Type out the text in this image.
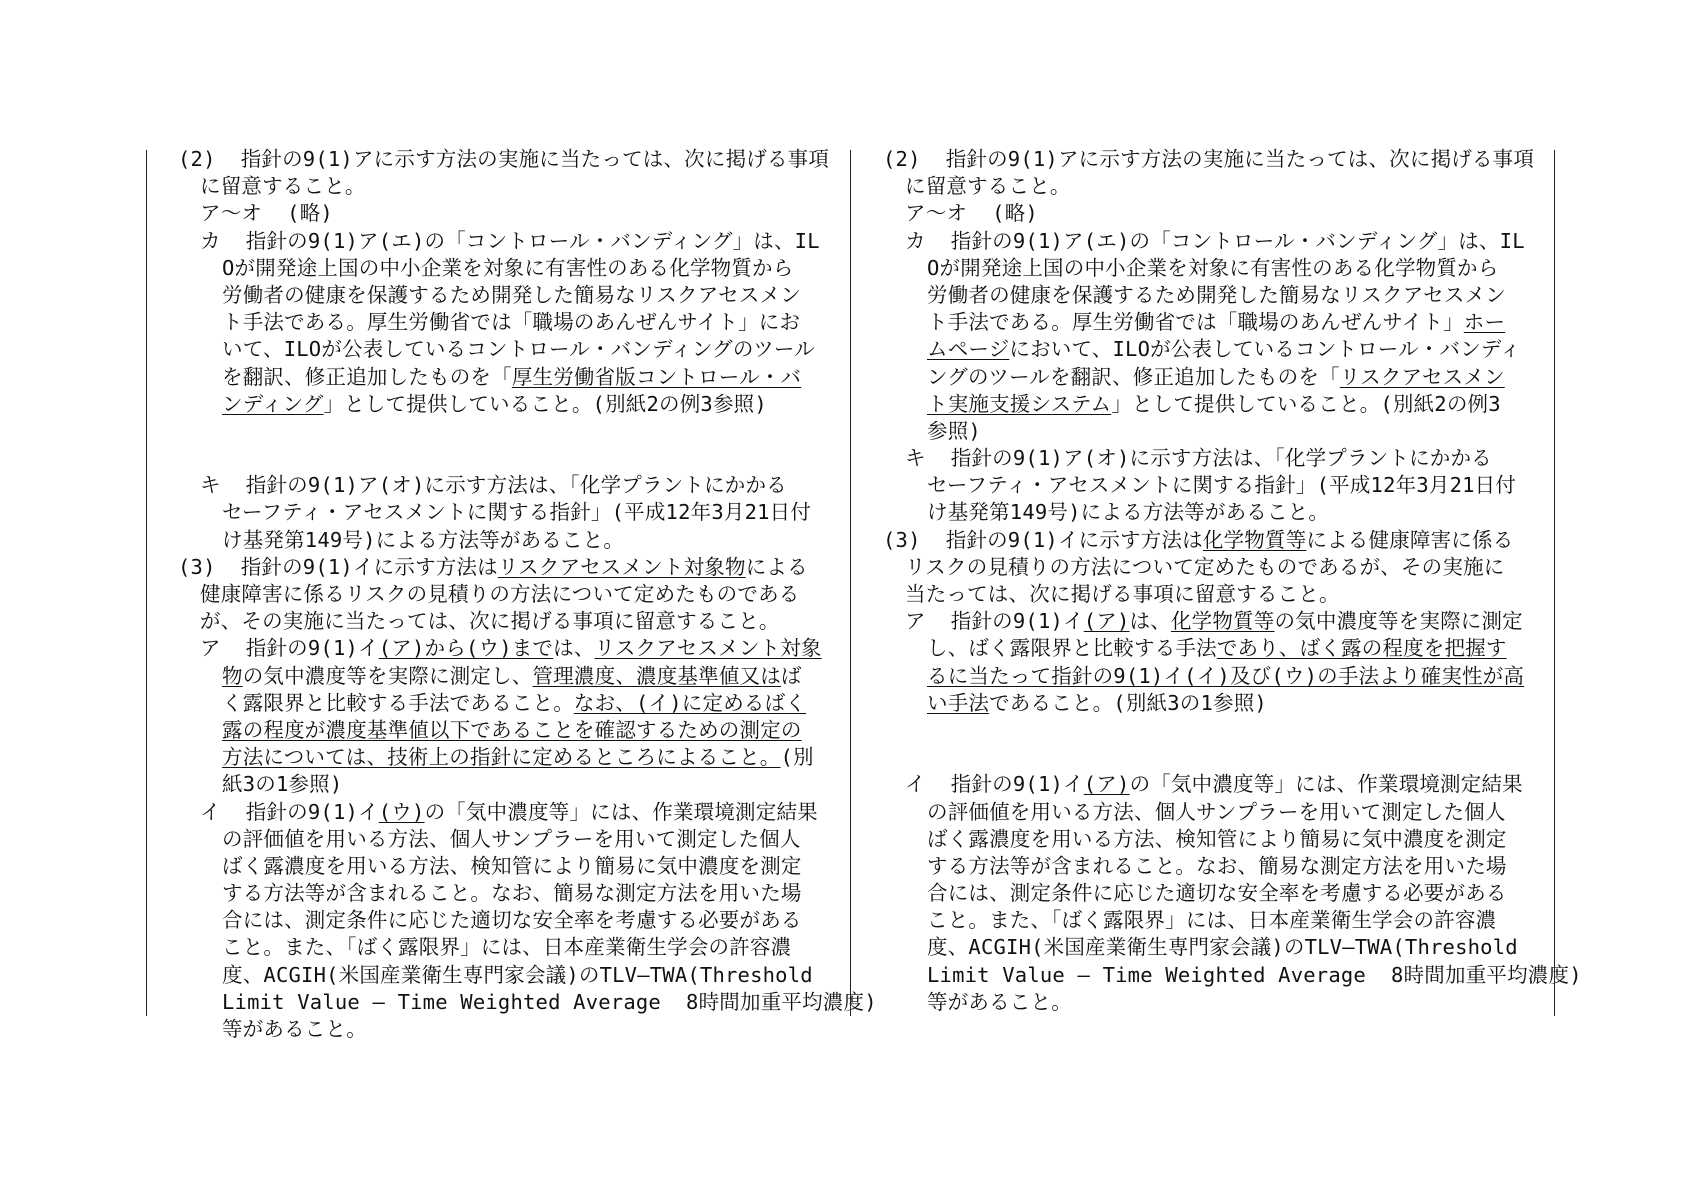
(2)  指針の9(1)アに示す方法の実施に当たっては、次に掲げる事項
に留意すること。
ア～オ  (略)
カ  指針の9(1)ア(エ)の「コントロール・バンディング」は、IL
Oが開発途上国の中小企業を対象に有害性のある化学物質から
労働者の健康を保護するため開発した簡易なリスクアセスメン
ト手法である。厚生労働省では「職場のあんぜんサイト」にお
いて、ILOが公表しているコントロール・バンディングのツール
を翻訳、修正追加したものを「厚生労働省版コントロール・バ
ンディング」として提供していること。(別紙2の例3参照)
キ  指針の9(1)ア(オ)に示す方法は、「化学プラントにかかる
セーフティ・アセスメントに関する指針」(平成12年3月21日付
け基発第149号)による方法等があること。
(3)  指針の9(1)イに示す方法はリスクアセスメント対象物による
健康障害に係るリスクの見積りの方法について定めたものである
が、その実施に当たっては、次に掲げる事項に留意すること。
ア  指針の9(1)イ(ア)から(ウ)までは、リスクアセスメント対象
物の気中濃度等を実際に測定し、管理濃度、濃度基準値又はば
く露限界と比較する手法であること。なお、(イ)に定めるばく
露の程度が濃度基準値以下であることを確認するための測定の
方法については、技術上の指針に定めるところによること。(別
紙3の1参照)
イ  指針の9(1)イ(ウ)の「気中濃度等」には、作業環境測定結果
の評価値を用いる方法、個人サンプラーを用いて測定した個人
ばく露濃度を用いる方法、検知管により簡易に気中濃度を測定
する方法等が含まれること。なお、簡易な測定方法を用いた場
合には、測定条件に応じた適切な安全率を考慮する必要がある
こと。また、「ばく露限界」には、日本産業衛生学会の許容濃
度、ACGIH(米国産業衛生専門家会議)のTLV―TWA(Threshold
Limit Value ― Time Weighted Average  8時間加重平均濃度)
等があること。
(2)  指針の9(1)アに示す方法の実施に当たっては、次に掲げる事項
に留意すること。
ア～オ  (略)
カ  指針の9(1)ア(エ)の「コントロール・バンディング」は、IL
Oが開発途上国の中小企業を対象に有害性のある化学物質から
労働者の健康を保護するため開発した簡易なリスクアセスメン
ト手法である。厚生労働省では「職場のあんぜんサイト」ホー
ムページにおいて、ILOが公表しているコントロール・バンディ
ングのツールを翻訳、修正追加したものを「リスクアセスメン
ト実施支援システム」として提供していること。(別紙2の例3
参照)
キ  指針の9(1)ア(オ)に示す方法は、「化学プラントにかかる
セーフティ・アセスメントに関する指針」(平成12年3月21日付
け基発第149号)による方法等があること。
(3)  指針の9(1)イに示す方法は化学物質等による健康障害に係る
リスクの見積りの方法について定めたものであるが、その実施に
当たっては、次に掲げる事項に留意すること。
ア  指針の9(1)イ(ア)は、化学物質等の気中濃度等を実際に測定
し、ばく露限界と比較する手法であり、ばく露の程度を把握す
るに当たって指針の9(1)イ(イ)及び(ウ)の手法より確実性が高
い手法であること。(別紙3の1参照)
イ  指針の9(1)イ(ア)の「気中濃度等」には、作業環境測定結果
の評価値を用いる方法、個人サンプラーを用いて測定した個人
ばく露濃度を用いる方法、検知管により簡易に気中濃度を測定
する方法等が含まれること。なお、簡易な測定方法を用いた場
合には、測定条件に応じた適切な安全率を考慮する必要がある
こと。また、「ばく露限界」には、日本産業衛生学会の許容濃
度、ACGIH(米国産業衛生専門家会議)のTLV―TWA(Threshold
Limit Value ― Time Weighted Average  8時間加重平均濃度)
等があること。
